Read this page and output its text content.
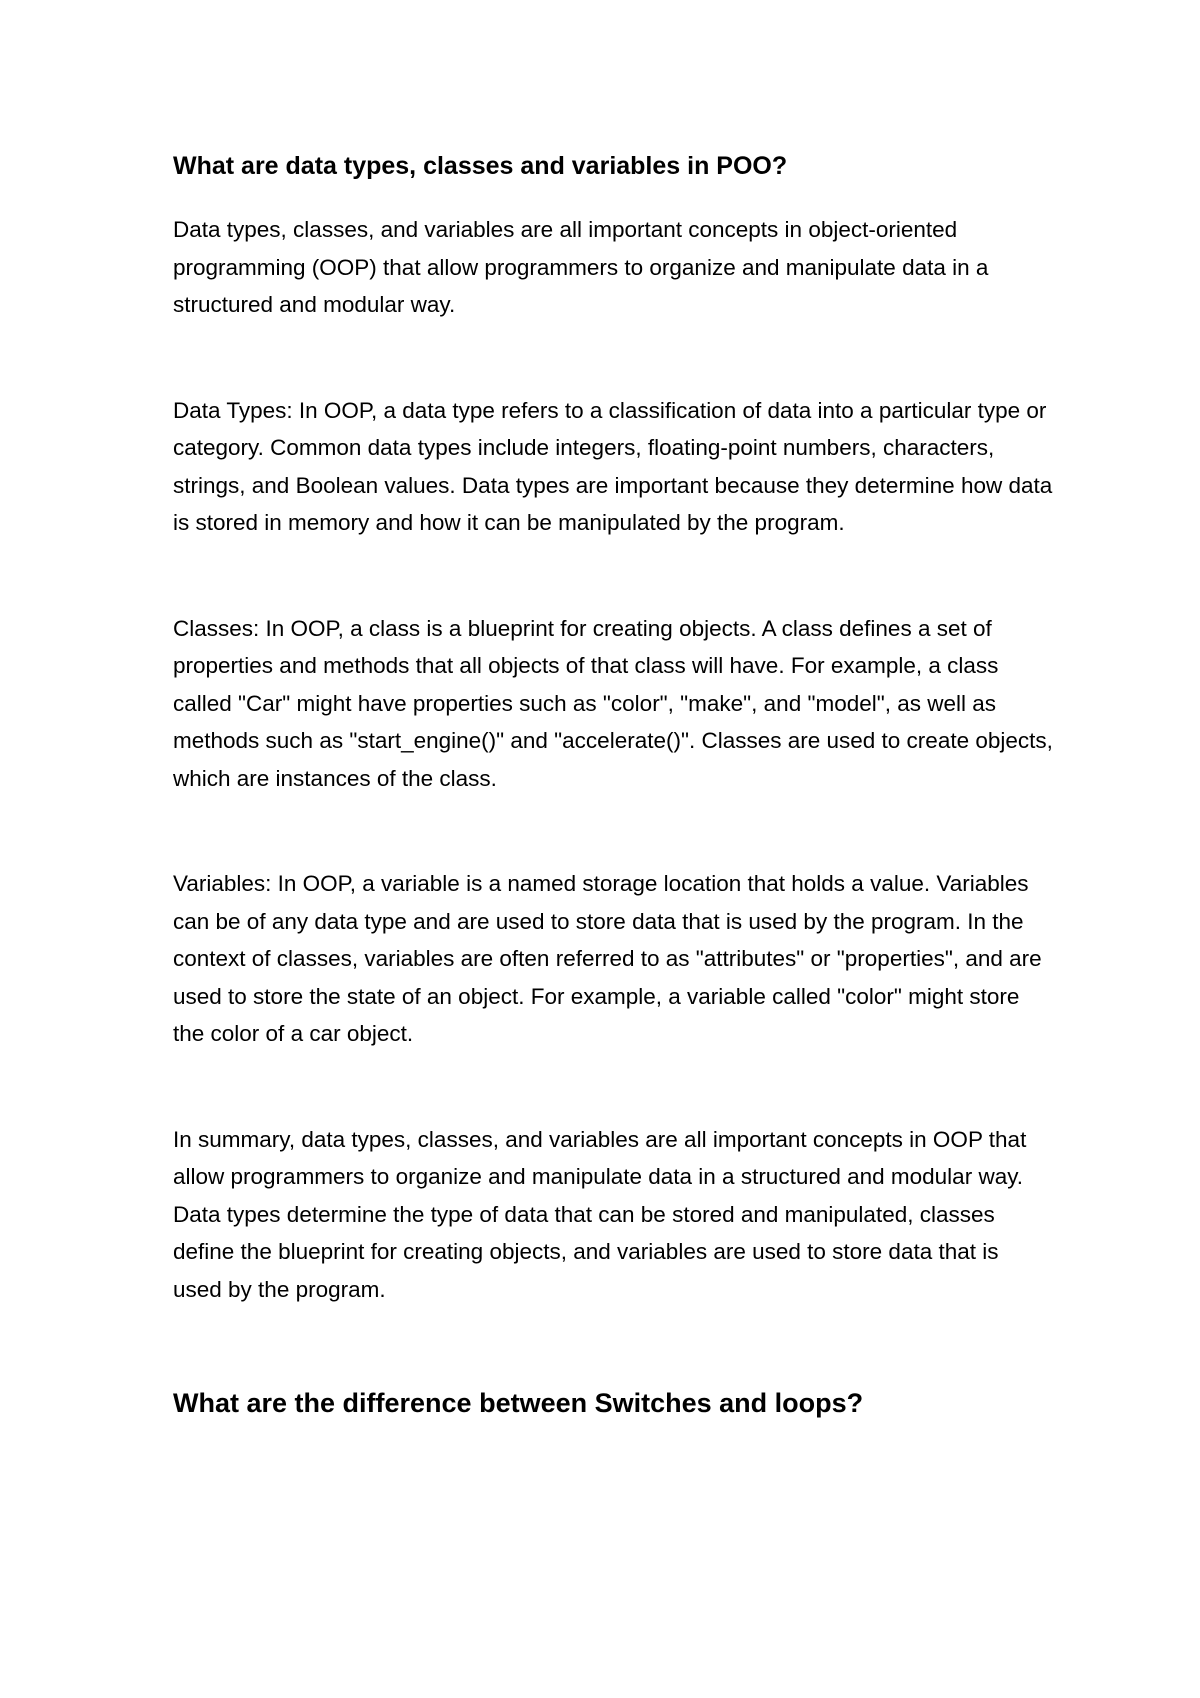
What are data types, classes and variables in POO?

Data types, classes, and variables are all important concepts in object-oriented programming (OOP) that allow programmers to organize and manipulate data in a structured and modular way.

Data Types: In OOP, a data type refers to a classification of data into a particular type or category. Common data types include integers, floating-point numbers, characters, strings, and Boolean values. Data types are important because they determine how data is stored in memory and how it can be manipulated by the program.

Classes: In OOP, a class is a blueprint for creating objects. A class defines a set of properties and methods that all objects of that class will have. For example, a class called "Car" might have properties such as "color", "make", and "model", as well as methods such as "start_engine()" and "accelerate()". Classes are used to create objects, which are instances of the class.

Variables: In OOP, a variable is a named storage location that holds a value. Variables can be of any data type and are used to store data that is used by the program. In the context of classes, variables are often referred to as "attributes" or "properties", and are used to store the state of an object. For example, a variable called "color" might store the color of a car object.

In summary, data types, classes, and variables are all important concepts in OOP that allow programmers to organize and manipulate data in a structured and modular way. Data types determine the type of data that can be stored and manipulated, classes define the blueprint for creating objects, and variables are used to store data that is used by the program.

What are the difference between Switches and loops?
